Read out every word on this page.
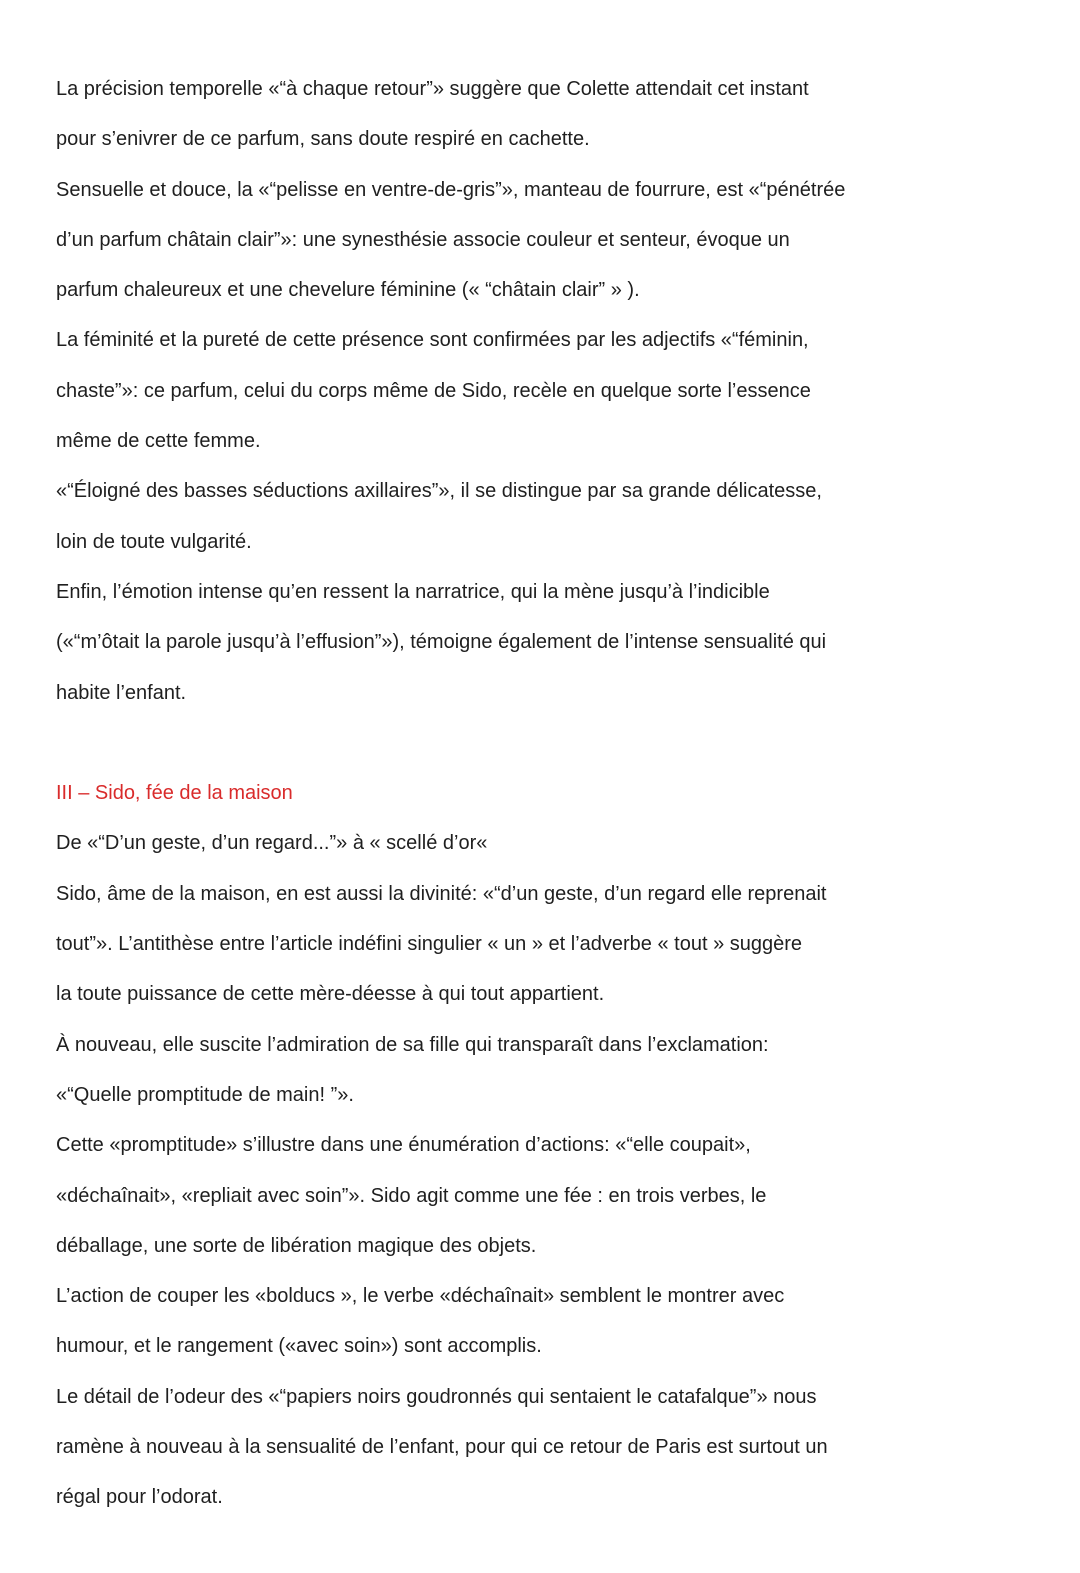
La précision temporelle «“à chaque retour”» suggère que Colette attendait cet instant
pour s’enivrer de ce parfum, sans doute respiré en cachette.
Sensuelle et douce, la «“pelisse en ventre-de-gris”», manteau de fourrure, est «“pénétrée
d’un parfum châtain clair”»: une synesthésie associe couleur et senteur, évoque un
parfum chaleureux et une chevelure féminine (« “châtain clair” » ).
La féminité et la pureté de cette présence sont confirmées par les adjectifs «“féminin,
chaste”»: ce parfum, celui du corps même de Sido, recèle en quelque sorte l’essence
même de cette femme.
«“Éloigné des basses séductions axillaires”», il se distingue par sa grande délicatesse,
loin de toute vulgarité.
Enfin, l’émotion intense qu’en ressent la narratrice, qui la mène jusqu’à l’indicible
(«“m’ôtait la parole jusqu’à l’effusion”»), témoigne également de l’intense sensualité qui
habite l’enfant.
III – Sido, fée de la maison
De «“D’un geste, d’un regard...”» à « scellé d’or«
Sido, âme de la maison, en est aussi la divinité: «“d’un geste, d’un regard elle reprenait
tout”». L’antithèse entre l’article indéfini singulier « un » et l’adverbe « tout » suggère
la toute puissance de cette mère-déesse à qui tout appartient.
À nouveau, elle suscite l’admiration de sa fille qui transparaît dans l’exclamation:
«“Quelle promptitude de main! ”».
Cette «promptitude» s’illustre dans une énumération d’actions: «“elle coupait»,
«déchaînait», «repliait avec soin”». Sido agit comme une fée : en trois verbes, le
déballage, une sorte de libération magique des objets.
L’action de couper les «bolducs », le verbe «déchaînait» semblent le montrer avec
humour, et le rangement («avec soin») sont accomplis.
Le détail de l’odeur des «“papiers noirs goudronnés qui sentaient le catafalque”» nous
ramène à nouveau à la sensualité de l’enfant, pour qui ce retour de Paris est surtout un
régal pour l’odorat.
